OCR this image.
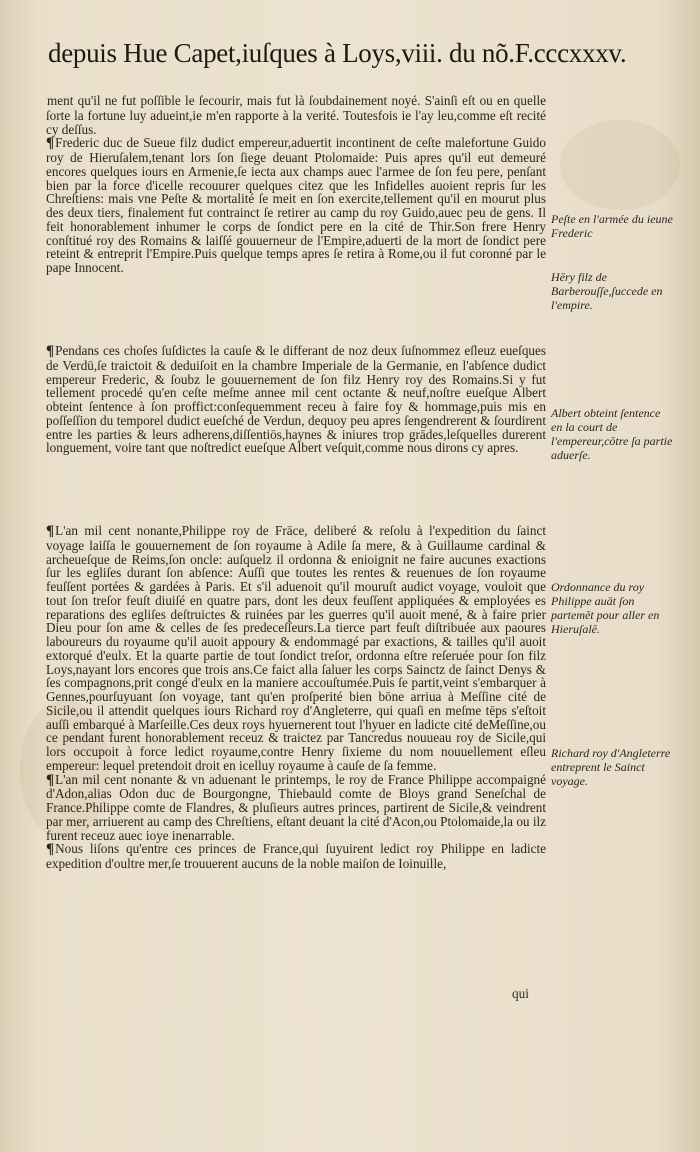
depuis Hue Capet,iuſques à Loys,viii. du nõ.F.cccxxxv.

ment qu'il ne fut poſſible le ſecourir, mais fut là ſoubdainement noyé. S'ainſi eſt ou en quelle ſorte la fortune luy adueint,ie m'en rapporte à la verité. Toutesfois ie l'ay leu,comme eſt recité cy deſſus.

¶Frederic duc de Sueue filz dudict empereur,aduertit incontinent de ceſte malefortune Guido roy de Hieruſalem,tenant lors ſon ſiege deuant Ptolomaide: Puis apres qu'il eut demeuré encores quelques iours en Armenie,ſe iecta aux champs auec l'armee de ſon feu pere, penſant bien par la force d'icelle recouurer quelques citez que les Infidelles auoient repris ſur les Chreſtiens: mais vne Peſte & mortalité ſe meit en ſon exercite,tellement qu'il en mourut plus des deux tiers, finalement fut contrainct ſe retirer au camp du roy Guido,auec peu de gens. Il feit honorablement inhumer le corps de ſondict pere en la cité de Thir.Son frere Henry conſtitué roy des Romains & laiſſé gouuerneur de l'Empire,aduerti de la mort de ſondict pere reteint & entreprit l'Empire.Puis quelque temps apres ſe retira à Rome,ou il fut coronné par le pape Innocent.

¶Pendans ces choſes ſuſdictes la cauſe & le differant de noz deux ſuſnommez eſleuz eueſques de Verdū,ſe traictoit & deduiſoit en la chambre Imperiale de la Germanie, en l'abſence dudict empereur Frederic, & ſoubz le gouuernement de ſon filz Henry roy des Romains.Si y fut tellement procedé qu'en ceſte meſme annee mil cent octante & neuf,noſtre eueſque Albert obteint ſentence à ſon proffict:conſequemment receu à faire foy & hommage,puis mis en poſſeſſion du temporel dudict eueſché de Verdun, dequoy peu apres ſengendrerent & ſourdirent entre les parties & leurs adherens,diſſentiōs,haynes & iniures trop grādes,leſquelles durerent longuement, voire tant que noſtredict eueſque Albert veſquit,comme nous dirons cy apres.

¶L'an mil cent nonante,Philippe roy de Frāce, deliberé & reſolu à l'expedition du ſainct voyage laiſſa le gouuernement de ſon royaume à Adile ſa mere, & à Guillaume cardinal & archeueſque de Reims,ſon oncle: auſquelz il ordonna & enioignit ne faire aucunes exactions ſur les egliſes durant ſon abſence: Auſſi que toutes les rentes & reuenues de ſon royaume feuſſent portées & gardées à Paris. Et s'il aduenoit qu'il mouruſt audict voyage, vouloit que tout ſon treſor feuſt diuiſé en quatre pars, dont les deux feuſſent appliquées & employées es reparations des egliſes deſtruictes & ruinées par les guerres qu'il auoit mené, & à faire prier Dieu pour ſon ame & celles de ſes predeceſſeurs.La tierce part feuſt diſtribuée aux paoures laboureurs du royaume qu'il auoit appoury & endommagé par exactions, & tailles qu'il auoit extorqué d'eulx. Et la quarte partie de tout ſondict treſor, ordonna eſtre reſeruée pour ſon filz Loys,nayant lors encores que trois ans.Ce faict alla ſaluer les corps Sainctz de ſainct Denys & ſes compagnons,prit congé d'eulx en la maniere accouſtumée.Puis ſe partit,veint s'embarquer à Gennes,pourſuyuant ſon voyage, tant qu'en proſperité bien bōne arriua à Meſſine cité de Sicile,ou il attendit quelques iours Richard roy d'Angleterre, qui quaſi en meſme tēps s'eſtoit auſſi embarqué à Marſeille.Ces deux roys hyuernerent tout l'hyuer en ladicte cité deMeſſine,ou ce pendant furent honorablement receuz & traictez par Tancredus nouueau roy de Sicile,qui lors occupoit à force ledict royaume,contre Henry ſixieme du nom nouuellement eſleu empereur: lequel pretendoit droit en icelluy royaume à cauſe de ſa femme.

¶L'an mil cent nonante & vn aduenant le printemps, le roy de France Philippe accompaigné d'Adon,alias Odon duc de Bourgongne, Thiebauld comte de Bloys grand Seneſchal de France.Philippe comte de Flandres, & pluſieurs autres princes, partirent de Sicile,& veindrent par mer, arriuerent au camp des Chreſtiens, eſtant deuant la cité d'Acon,ou Ptolomaide,la ou ilz furent receuz auec ioye inenarrable.

¶Nous liſons qu'entre ces princes de France,qui ſuyuirent ledict roy Philippe en ladicte expedition d'oultre mer,ſe trouuerent aucuns de la noble maiſon de Ioinuille,

Peſte en l'armée du ieune Frederic
Hēry filz de Barberouſſe,ſuccede en l'empire.
Albert obteint ſentence en la court de l'empereur,cōtre ſa partie aduerſe.
Ordonnance du roy Philippe auāt ſon partemēt pour aller en Hieruſalē.
Richard roy d'Angleterre entreprent le Sainct voyage.
qui
